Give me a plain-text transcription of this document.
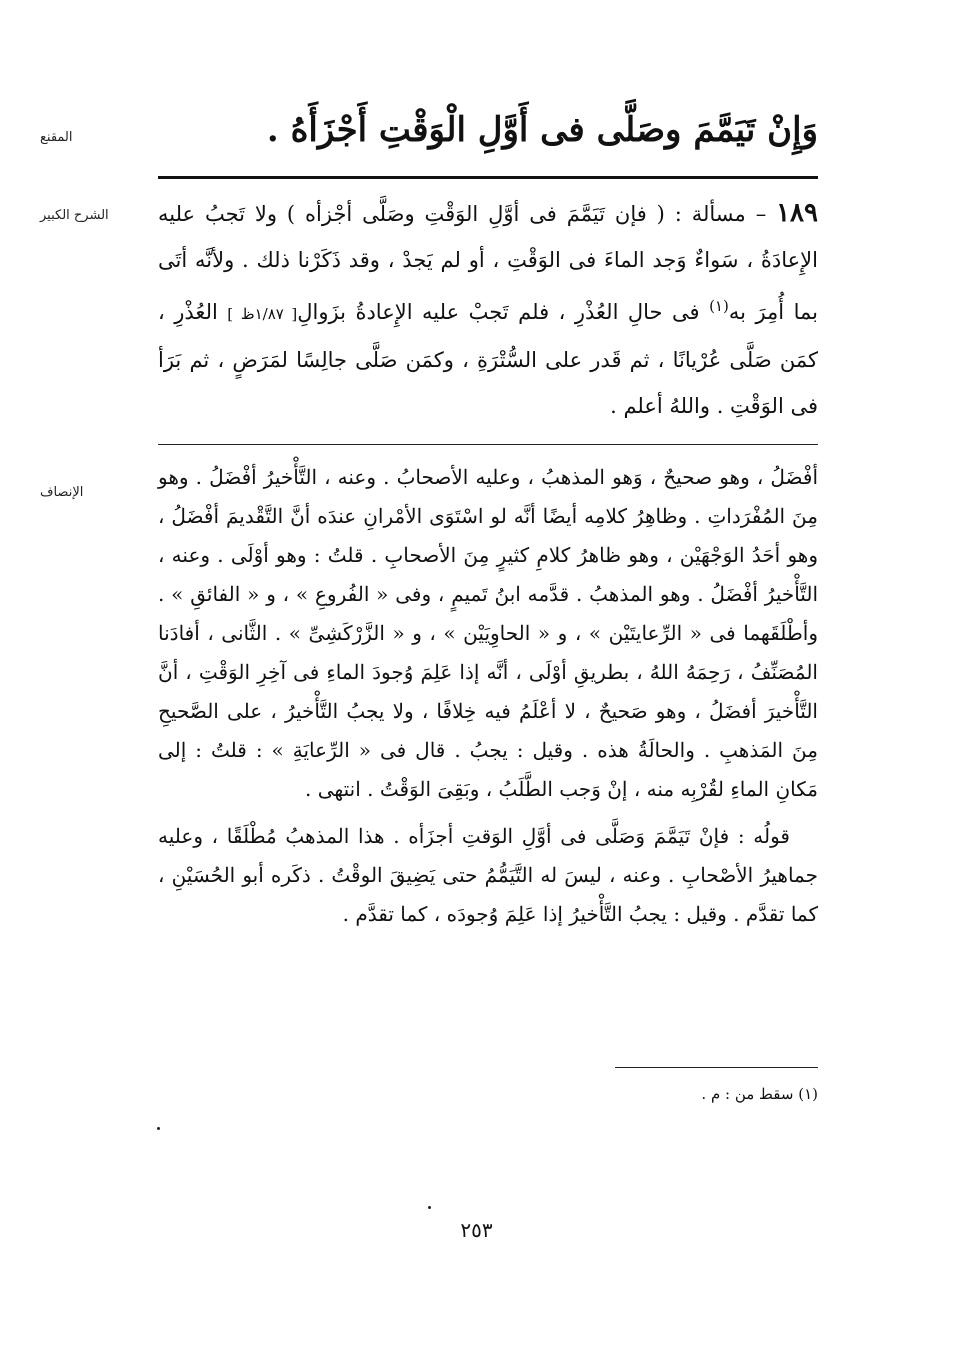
المقنع	وَإِنْ تَيَمَّمَ وصَلَّى فى أَوَّلِ الْوَقْتِ أَجْزَأَهُ .
الشرح الكبير	١٨٩ – مسألة : ( فإن تَيَمَّمَ فى أوَّلِ الوَقْتِ وصَلَّى أجْزأه ) ولا تَجبُ عليه الإِعادَةُ ، سَواءٌ وَجد الماءَ فى الوَقْتِ ، أو لم يَجدْ ، وقد ذَكَرْنا ذلك . ولأنَّه أتَى بما أُمِرَ به$^{(١)}$ فى حالِ العُذْرِ ، فلم تَجبْ عليه الإِعادةُ بزَوالِ[ ١/٨٧ظ ] العُذْرِ ، كمَن صَلَّى عُرْيانًا ، ثم قَدر على السُّتْرَةِ ، وكمَن صَلَّى جالِسًا لمَرَضٍ ، ثم بَرَأ فى الوَقْتِ . واللهُ أعلم .
الإنصاف
أفْضَلُ ، وهو صحيحٌ ، وَهو المذهبُ ، وعليه الأصحابُ . وعنه ، التَّأْخيرُ أفْضَلُ . وهو مِنَ المُفْرَداتِ . وظاهِرُ كلامِه أيضًا أنَّه لو اسْتَوَى الأمْرانِ عندَه أنَّ التَّقْديمَ أفْضَلُ ، وهو أحَدُ الوَجْهَيْن ، وهو ظاهرُ كلامِ كثيرٍ مِنَ الأصحابِ . قلتُ : وهو أوْلَى . وعنه ، التَّأْخيرُ أفْضَلُ . وهو المذهبُ . قدَّمه ابنُ تَميمٍ ، وفى « الفُروعِ » ، و « الفائقِ » . وأطْلَقَهما فى « الرِّعايتَيْن » ، و « الحاوِيَيْن » ، و « الزَّرْكَشِىِّ » . الثَّانى ، أفادَنا المُصَنِّفُ ، رَحِمَهُ اللهُ ، بطريقِ أوْلَى ، أنَّه إذا عَلِمَ وُجودَ الماءِ فى آخِرِ الوَقْتِ ، أنَّ التَّأْخيرَ أفضَلُ ، وهو صَحيحٌ ، لا أعْلَمُ فيه خِلافًا ، ولا يجبُ التَّأْخيرُ ، على الصَّحيحِ مِنَ المَذهبِ . والحالَةُ هذه . وقيل : يجبُ . قال فى « الرِّعايَةِ » : قلتُ : إلى مَكانِ الماءِ لقُرْبِه منه ، إنْ وَجب الطَّلَبُ ، وبَقِىَ الوَقْتُ . انتهى .
قولُه : فإنْ تَيَمَّمَ وَصَلَّى فى أوَّلِ الوَقتِ أجزَأه . هذا المذهبُ مُطْلَقًا ، وعليه جماهيرُ الأصْحابِ . وعنه ، ليسَ له التَّيَمُّمُ حتى يَضِيقَ الوقْتُ . ذكَره أبو الحُسَيْنِ ، كما تقدَّم . وقيل : يجبُ التَّأْخيرُ إذا عَلِمَ وُجودَه ، كما تقدَّم .
(١) سقط من : م .
٢٥٣
